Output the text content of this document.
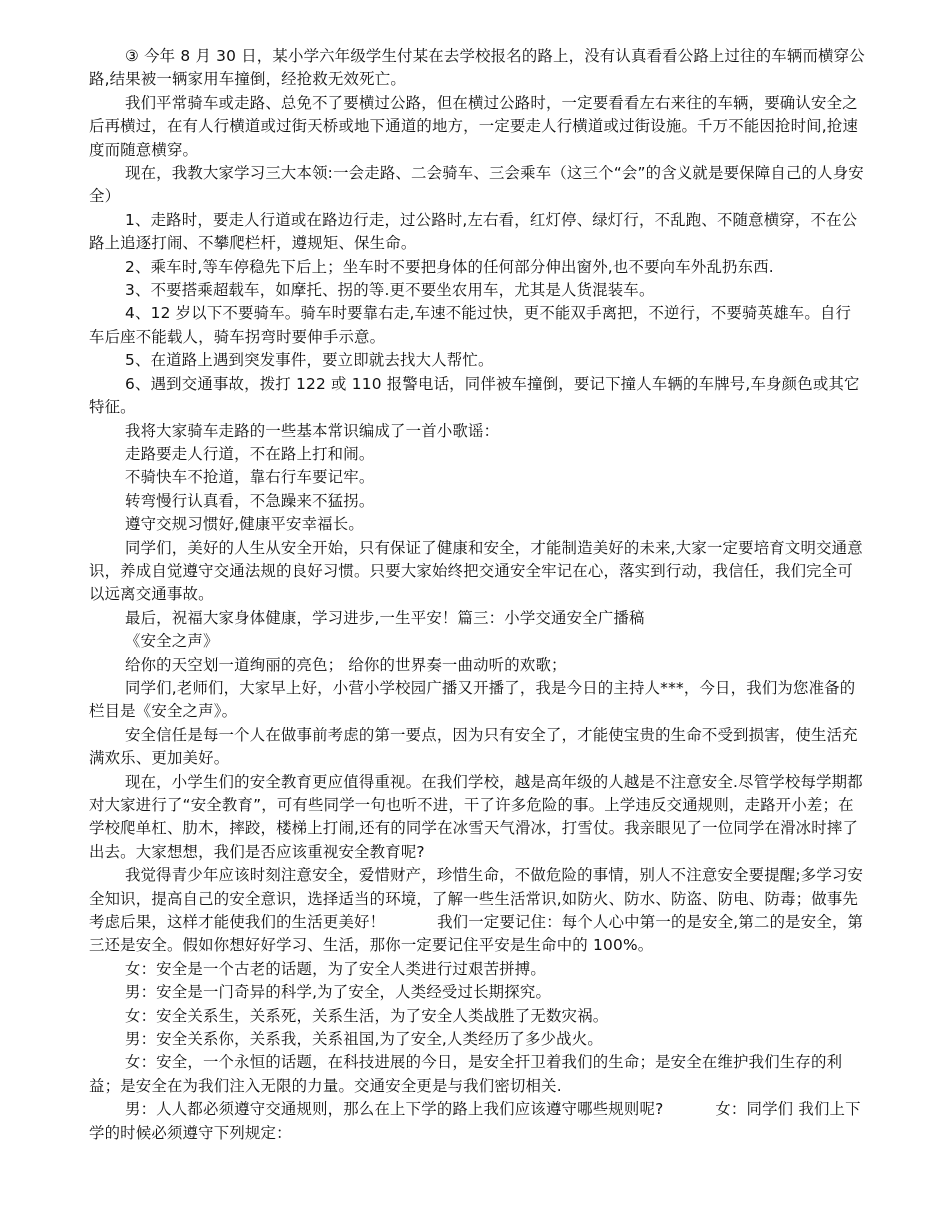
③ 今年 8 月 30 日，某小学六年级学生付某在去学校报名的路上，没有认真看看公路上过往的车辆而横穿公路,结果被一辆家用车撞倒，经抢救无效死亡。

我们平常骑车或走路、总免不了要横过公路，但在横过公路时，一定要看看左右来往的车辆，要确认安全之后再横过，在有人行横道或过街天桥或地下通道的地方，一定要走人行横道或过街设施。千万不能因抢时间,抢速度而随意横穿。

现在，我教大家学习三大本领:一会走路、二会骑车、三会乘车（这三个“会”的含义就是要保障自己的人身安全）

1、走路时，要走人行道或在路边行走，过公路时,左右看，红灯停、绿灯行，不乱跑、不随意横穿，不在公路上追逐打闹、不攀爬栏杆，遵规矩、保生命。

2、乘车时,等车停稳先下后上；坐车时不要把身体的任何部分伸出窗外,也不要向车外乱扔东西.

3、不要搭乘超载车，如摩托、拐的等.更不要坐农用车，尤其是人货混装车。

4、12 岁以下不要骑车。骑车时要靠右走,车速不能过快，更不能双手离把，不逆行，不要骑英雄车。自行车后座不能载人，骑车拐弯时要伸手示意。

5、在道路上遇到突发事件，要立即就去找大人帮忙。

6、遇到交通事故，拨打 122 或 110 报警电话，同伴被车撞倒，要记下撞人车辆的车牌号,车身颜色或其它特征。

我将大家骑车走路的一些基本常识编成了一首小歌谣：

走路要走人行道，不在路上打和闹。

不骑快车不抢道，靠右行车要记牢。

转弯慢行认真看，不急躁来不猛拐。

遵守交规习惯好,健康平安幸福长。

同学们，美好的人生从安全开始，只有保证了健康和安全，才能制造美好的未来,大家一定要培育文明交通意识，养成自觉遵守交通法规的良好习惯。只要大家始终把交通安全牢记在心，落实到行动，我信任，我们完全可以远离交通事故。

最后，祝福大家身体健康，学习进步,一生平安！篇三：小学交通安全广播稿

《安全之声》

给你的天空划一道绚丽的亮色； 给你的世界奏一曲动听的欢歌；

同学们,老师们，大家早上好，小营小学校园广播又开播了，我是今日的主持人***，今日，我们为您准备的栏目是《安全之声》。

安全信任是每一个人在做事前考虑的第一要点，因为只有安全了，才能使宝贵的生命不受到损害，使生活充满欢乐、更加美好。

现在，小学生们的安全教育更应值得重视。在我们学校，越是高年级的人越是不注意安全.尽管学校每学期都对大家进行了“安全教育”，可有些同学一句也听不进，干了许多危险的事。上学违反交通规则，走路开小差；在学校爬单杠、肋木，摔跤，楼梯上打闹,还有的同学在冰雪天气滑冰，打雪仗。我亲眼见了一位同学在滑冰时摔了出去。大家想想，我们是否应该重视安全教育呢?

我觉得青少年应该时刻注意安全，爱惜财产，珍惜生命，不做危险的事情，别人不注意安全要提醒;多学习安全知识，提高自己的安全意识，选择适当的环境，了解一些生活常识,如防火、防水、防盗、防电、防毒；做事先考虑后果，这样才能使我们的生活更美好！ 　　　我们一定要记住：每个人心中第一的是安全,第二的是安全，第三还是安全。假如你想好好学习、生活，那你一定要记住平安是生命中的 100%。

女：安全是一个古老的话题，为了安全人类进行过艰苦拼搏。

男：安全是一门奇异的科学,为了安全，人类经受过长期探究。

女：安全关系生，关系死，关系生活，为了安全人类战胜了无数灾祸。

男：安全关系你，关系我，关系祖国,为了安全,人类经历了多少战火。

女：安全，一个永恒的话题，在科技进展的今日，是安全扞卫着我们的生命；是安全在维护我们生存的利益；是安全在为我们注入无限的力量。交通安全更是与我们密切相关.

男：人人都必须遵守交通规则，那么在上下学的路上我们应该遵守哪些规则呢? 　　　女：同学们 我们上下学的时候必须遵守下列规定：
